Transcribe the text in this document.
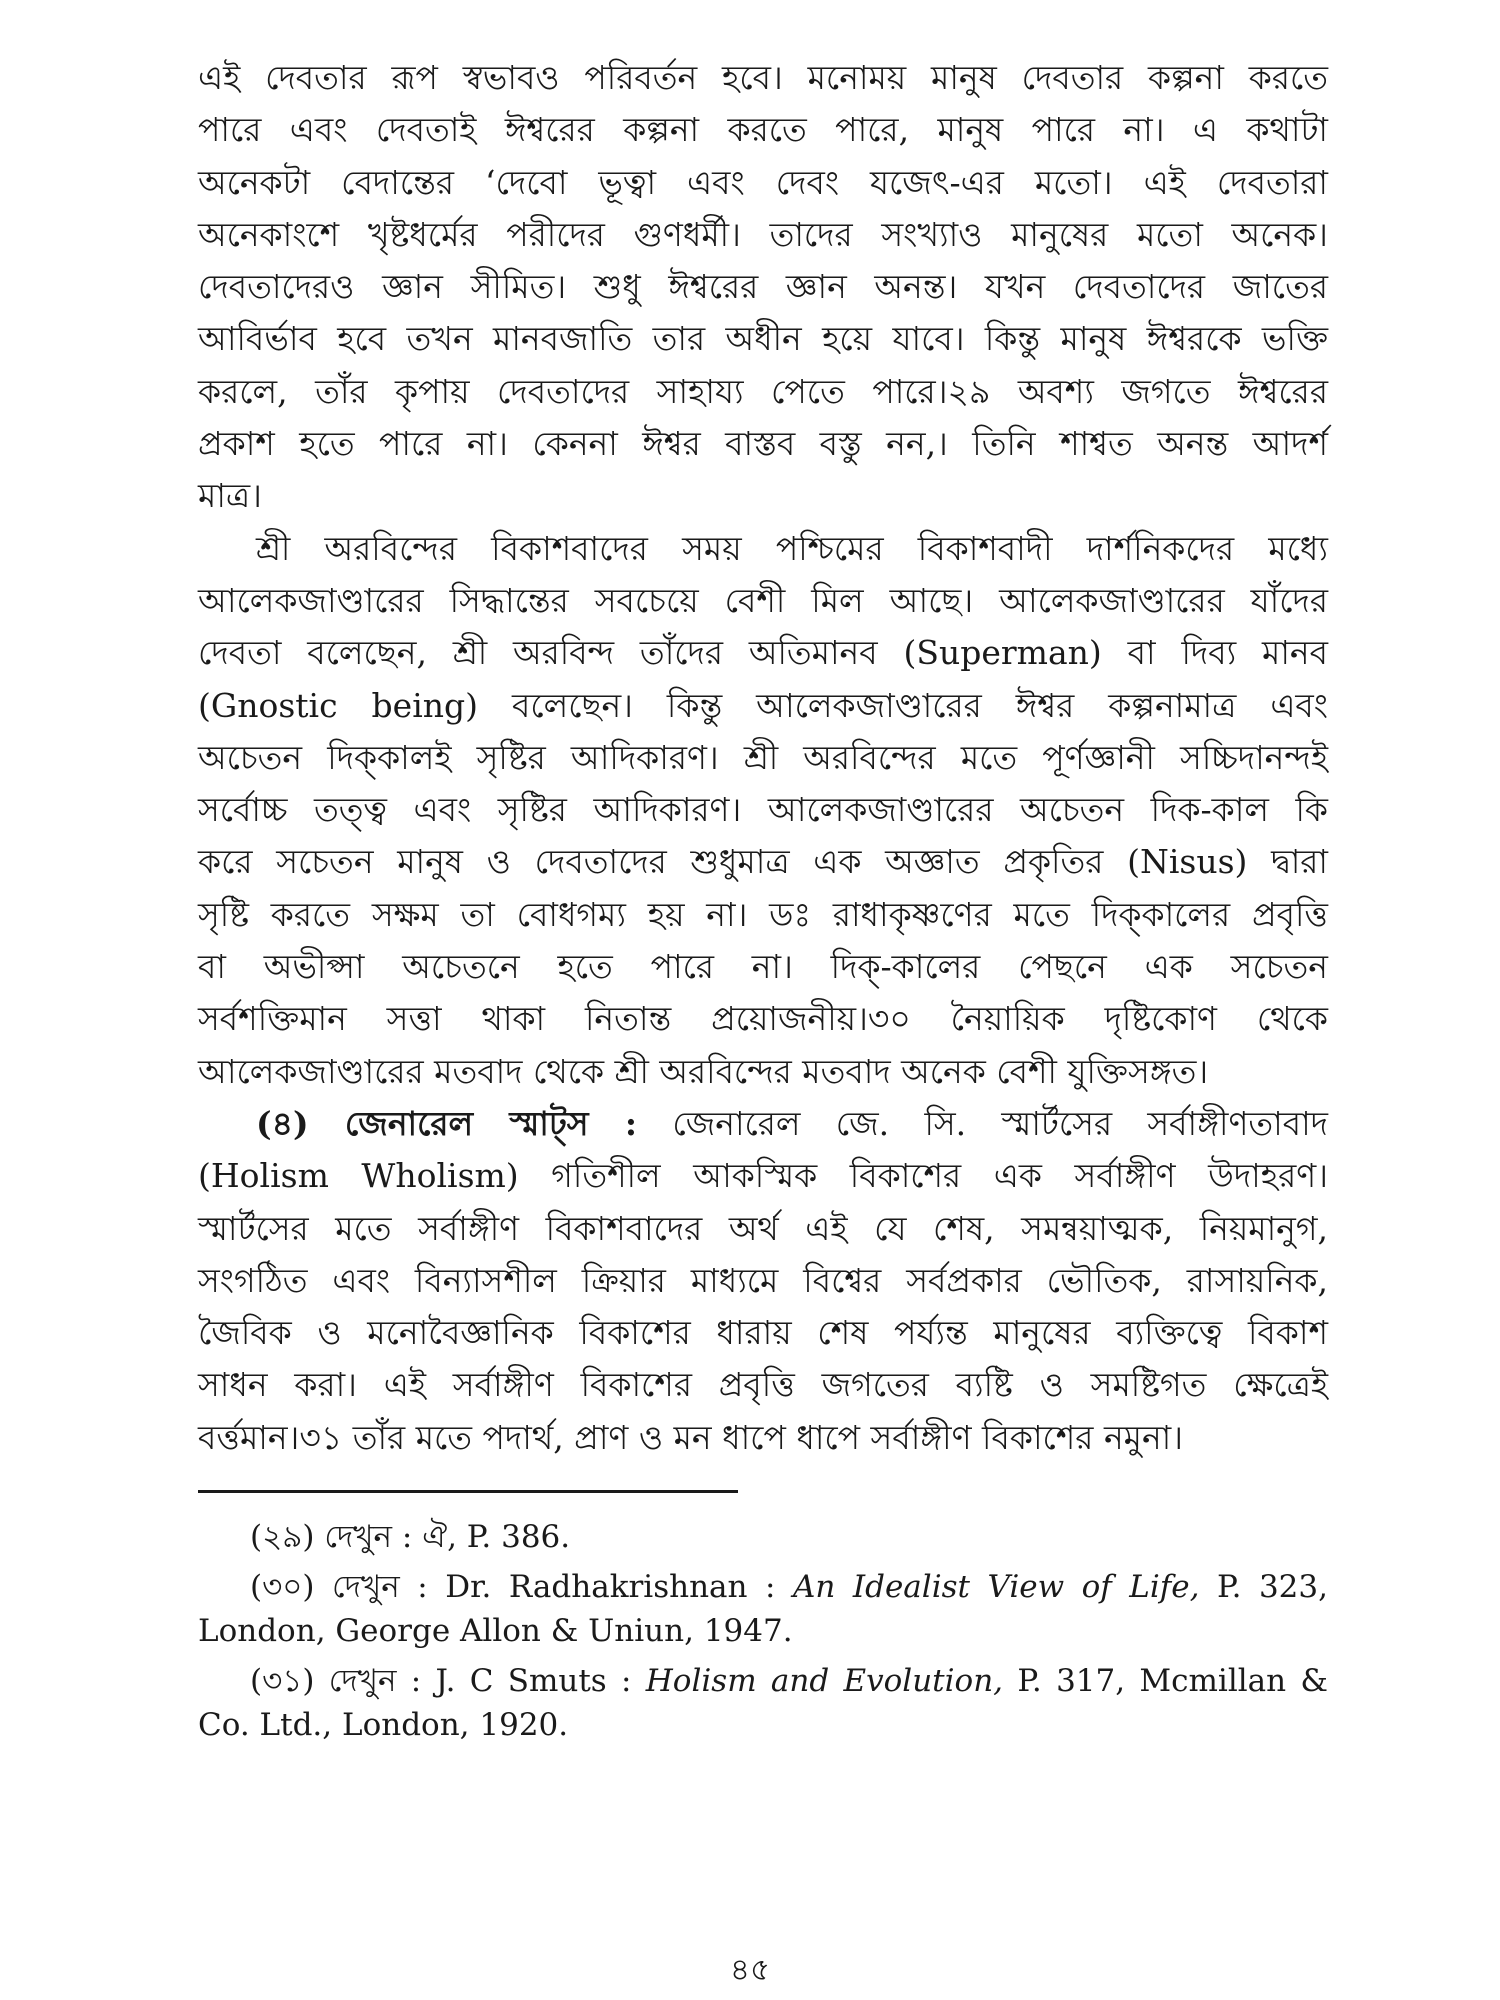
এই দেবতার রূপ স্বভাবও পরিবর্তন হবে। মনোময় মানুষ দেবতার কল্পনা করতে

পারে এবং দেবতাই ঈশ্বরের কল্পনা করতে পারে, মানুষ পারে না। এ কথাটা

অনেকটা বেদান্তের ‘দেবো ভূত্বা এবং দেবং যজেৎ-এর মতো। এই দেবতারা

অনেকাংশে খৃষ্টধর্মের পরীদের গুণধর্মী। তাদের সংখ্যাও মানুষের মতো অনেক।

দেবতাদেরও জ্ঞান সীমিত। শুধু ঈশ্বরের জ্ঞান অনন্ত। যখন দেবতাদের জাতের

আবির্ভাব হবে তখন মানবজাতি তার অধীন হয়ে যাবে। কিন্তু মানুষ ঈশ্বরকে ভক্তি

করলে, তাঁর কৃপায় দেবতাদের সাহায্য পেতে পারে।২৯ অবশ্য জগতে ঈশ্বরের

প্রকাশ হতে পারে না। কেননা ঈশ্বর বাস্তব বস্তু নন,। তিনি শাশ্বত অনন্ত আদর্শ

মাত্র।

শ্রী অরবিন্দের বিকাশবাদের সময় পশ্চিমের বিকাশবাদী দার্শনিকদের মধ্যে

আলেকজাণ্ডারের সিদ্ধান্তের সবচেয়ে বেশী মিল আছে। আলেকজাণ্ডারের যাঁদের

দেবতা বলেছেন, শ্রী অরবিন্দ তাঁদের অতিমানব (Superman) বা দিব্য মানব

(Gnostic being) বলেছেন। কিন্তু আলেকজাণ্ডারের ঈশ্বর কল্পনামাত্র এবং

অচেতন দিক্‌কালই সৃষ্টির আদিকারণ। শ্রী অরবিন্দের মতে পূর্ণজ্ঞানী সচ্চিদানন্দই

সর্বোচ্চ তত্ত্ব এবং সৃষ্টির আদিকারণ। আলেকজাণ্ডারের অচেতন দিক-কাল কি

করে সচেতন মানুষ ও দেবতাদের শুধুমাত্র এক অজ্ঞাত প্রকৃতির (Nisus) দ্বারা

সৃষ্টি করতে সক্ষম তা বোধগম্য হয় না। ডঃ রাধাকৃষ্ণণের মতে দিক্‌কালের প্রবৃত্তি

বা অভীপ্সা অচেতনে হতে পারে না। দিক্‌-কালের পেছনে এক সচেতন

সর্বশক্তিমান সত্তা থাকা নিতান্ত প্রয়োজনীয়।৩০ নৈয়ায়িক দৃষ্টিকোণ থেকে

আলেকজাণ্ডারের মতবাদ থেকে শ্রী অরবিন্দের মতবাদ অনেক বেশী যুক্তিসঙ্গত।

(৪) জেনারেল স্মাট্‌স : জেনারেল জে. সি. স্মার্টসের সর্বাঙ্গীণতাবাদ

(Holism Wholism) গতিশীল আকস্মিক বিকাশের এক সর্বাঙ্গীণ উদাহরণ।

স্মার্টসের মতে সর্বাঙ্গীণ বিকাশবাদের অর্থ এই যে শেষ, সমন্বয়াত্মক, নিয়মানুগ,

সংগঠিত এবং বিন্যাসশীল ক্রিয়ার মাধ্যমে বিশ্বের সর্বপ্রকার ভৌতিক, রাসায়নিক,

জৈবিক ও মনোবৈজ্ঞানিক বিকাশের ধারায় শেষ পর্য্যন্ত মানুষের ব্যক্তিত্বে বিকাশ

সাধন করা। এই সর্বাঙ্গীণ বিকাশের প্রবৃত্তি জগতের ব্যষ্টি ও সমষ্টিগত ক্ষেত্রেই

বর্ত্তমান।৩১ তাঁর মতে পদার্থ, প্রাণ ও মন ধাপে ধাপে সর্বাঙ্গীণ বিকাশের নমুনা।

(২৯) দেখুন : ঐ, P. 386.

(৩০) দেখুন : Dr. Radhakrishnan : An Idealist View of Life, P. 323,

London, George Allon & Uniun, 1947.

(৩১) দেখুন : J. C Smuts : Holism and Evolution, P. 317, Mcmillan &

Co. Ltd., London, 1920.

৪৫
